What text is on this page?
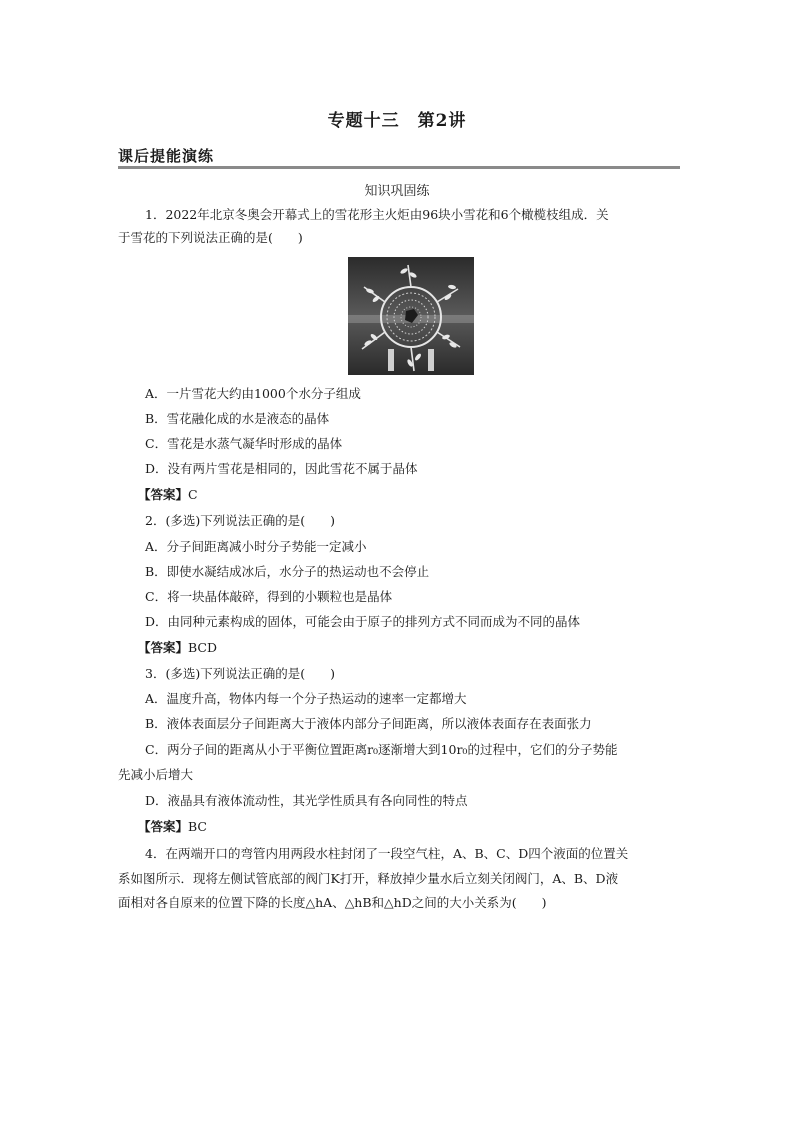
专题十三　第2讲
课后提能演练
知识巩固练
1．2022年北京冬奥会开幕式上的雪花形主火炬由96块小雪花和6个橄榄枝组成．关
于雪花的下列说法正确的是(　　)
A．一片雪花大约由1000个水分子组成
B．雪花融化成的水是液态的晶体
C．雪花是水蒸气凝华时形成的晶体
D．没有两片雪花是相同的，因此雪花不属于晶体
【答案】C
2．(多选)下列说法正确的是(　　)
A．分子间距离减小时分子势能一定减小
B．即使水凝结成冰后，水分子的热运动也不会停止
C．将一块晶体敲碎，得到的小颗粒也是晶体
D．由同种元素构成的固体，可能会由于原子的排列方式不同而成为不同的晶体
【答案】BCD
3．(多选)下列说法正确的是(　　)
A．温度升高，物体内每一个分子热运动的速率一定都增大
B．液体表面层分子间距离大于液体内部分子间距离，所以液体表面存在表面张力
C．两分子间的距离从小于平衡位置距离r₀逐渐增大到10r₀的过程中，它们的分子势能
先减小后增大
D．液晶具有液体流动性，其光学性质具有各向同性的特点
【答案】BC
4．在两端开口的弯管内用两段水柱封闭了一段空气柱，A、B、C、D四个液面的位置关
系如图所示．现将左侧试管底部的阀门K打开，释放掉少量水后立刻关闭阀门，A、B、D液
面相对各自原来的位置下降的长度△hA、△hB和△hD之间的大小关系为(　　)
